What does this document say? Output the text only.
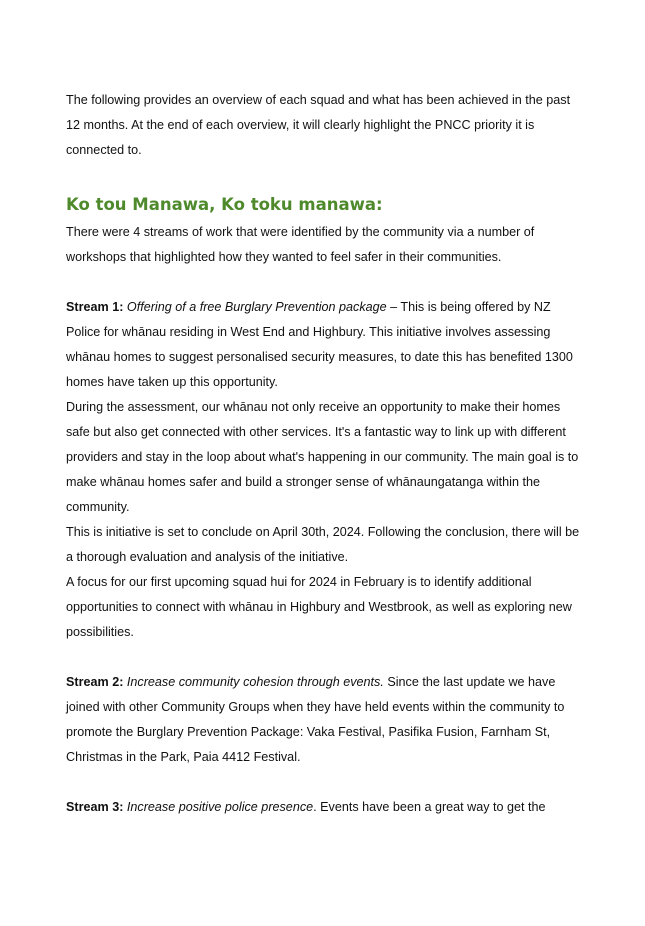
The following provides an overview of each squad and what has been achieved in the past 12 months. At the end of each overview, it will clearly highlight the PNCC priority it is connected to.

Ko tou Manawa, Ko toku manawa:

There were 4 streams of work that were identified by the community via a number of workshops that highlighted how they wanted to feel safer in their communities.

Stream 1: Offering of a free Burglary Prevention package – This is being offered by NZ Police for whānau residing in West End and Highbury. This initiative involves assessing whānau homes to suggest personalised security measures, to date this has benefited 1300 homes have taken up this opportunity.

During the assessment, our whānau not only receive an opportunity to make their homes safe but also get connected with other services. It's a fantastic way to link up with different providers and stay in the loop about what's happening in our community. The main goal is to make whānau homes safer and build a stronger sense of whānaungatanga within the community.

This is initiative is set to conclude on April 30th, 2024. Following the conclusion, there will be a thorough evaluation and analysis of the initiative.

A focus for our first upcoming squad hui for 2024 in February is to identify additional opportunities to connect with whānau in Highbury and Westbrook, as well as exploring new possibilities.

Stream 2: Increase community cohesion through events. Since the last update we have joined with other Community Groups when they have held events within the community to promote the Burglary Prevention Package: Vaka Festival, Pasifika Fusion, Farnham St, Christmas in the Park, Paia 4412 Festival.

Stream 3: Increase positive police presence. Events have been a great way to get the
